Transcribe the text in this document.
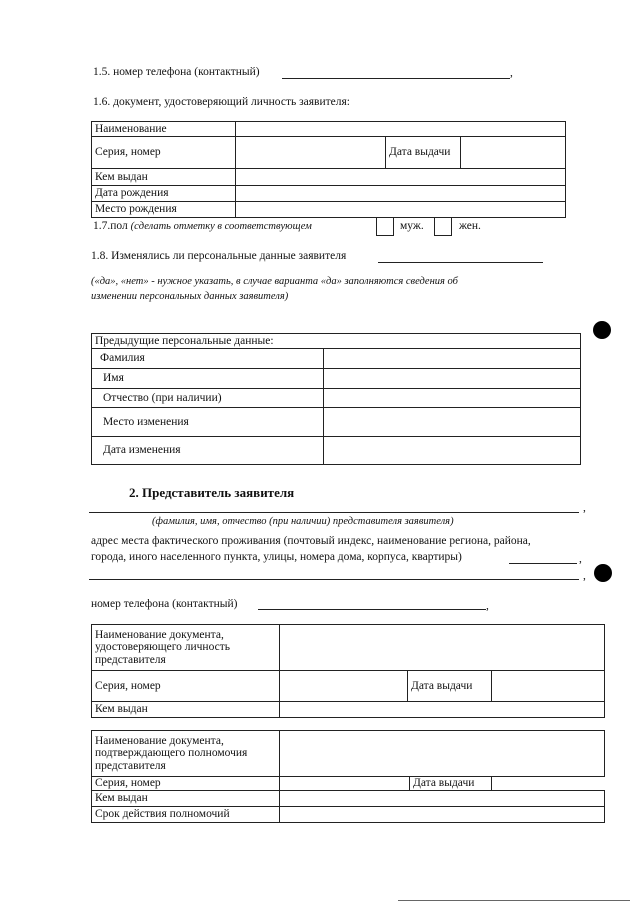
1.5. номер телефона (контактный)	,
1.6. документ, удостоверяющий личность заявителя:
Наименование			
Серия, номер		Дата выдачи	
Кем выдан			
Дата рождения			
Место рождения			
1.7.пол (сделать отметку в соответствующем	муж.	жен.
1.8. Изменялись ли персональные данные заявителя
(«да», «нет» - нужное указать, в случае варианта «да» заполняются сведения об
изменении персональных данных заявителя)
Предыдущие персональные данные:	
Фамилия	
Имя	
Отчество (при наличии)	
Место изменения	
Дата изменения	
2. Представитель заявителя
,
(фамилия, имя, отчество (при наличии) представителя заявителя)
адрес места фактического проживания (почтовый индекс, наименование региона, района,
города, иного населенного пункта, улицы, номера дома, корпуса, квартиры)	,
,
номер телефона (контактный)	,
Наименование документа, удостоверяющего личность представителя			
Серия, номер		Дата выдачи	
Кем выдан			
Наименование документа, подтверждающего полномочия представителя			
Серия, номер		Дата выдачи	
Кем выдан			
Срок действия полномочий			
